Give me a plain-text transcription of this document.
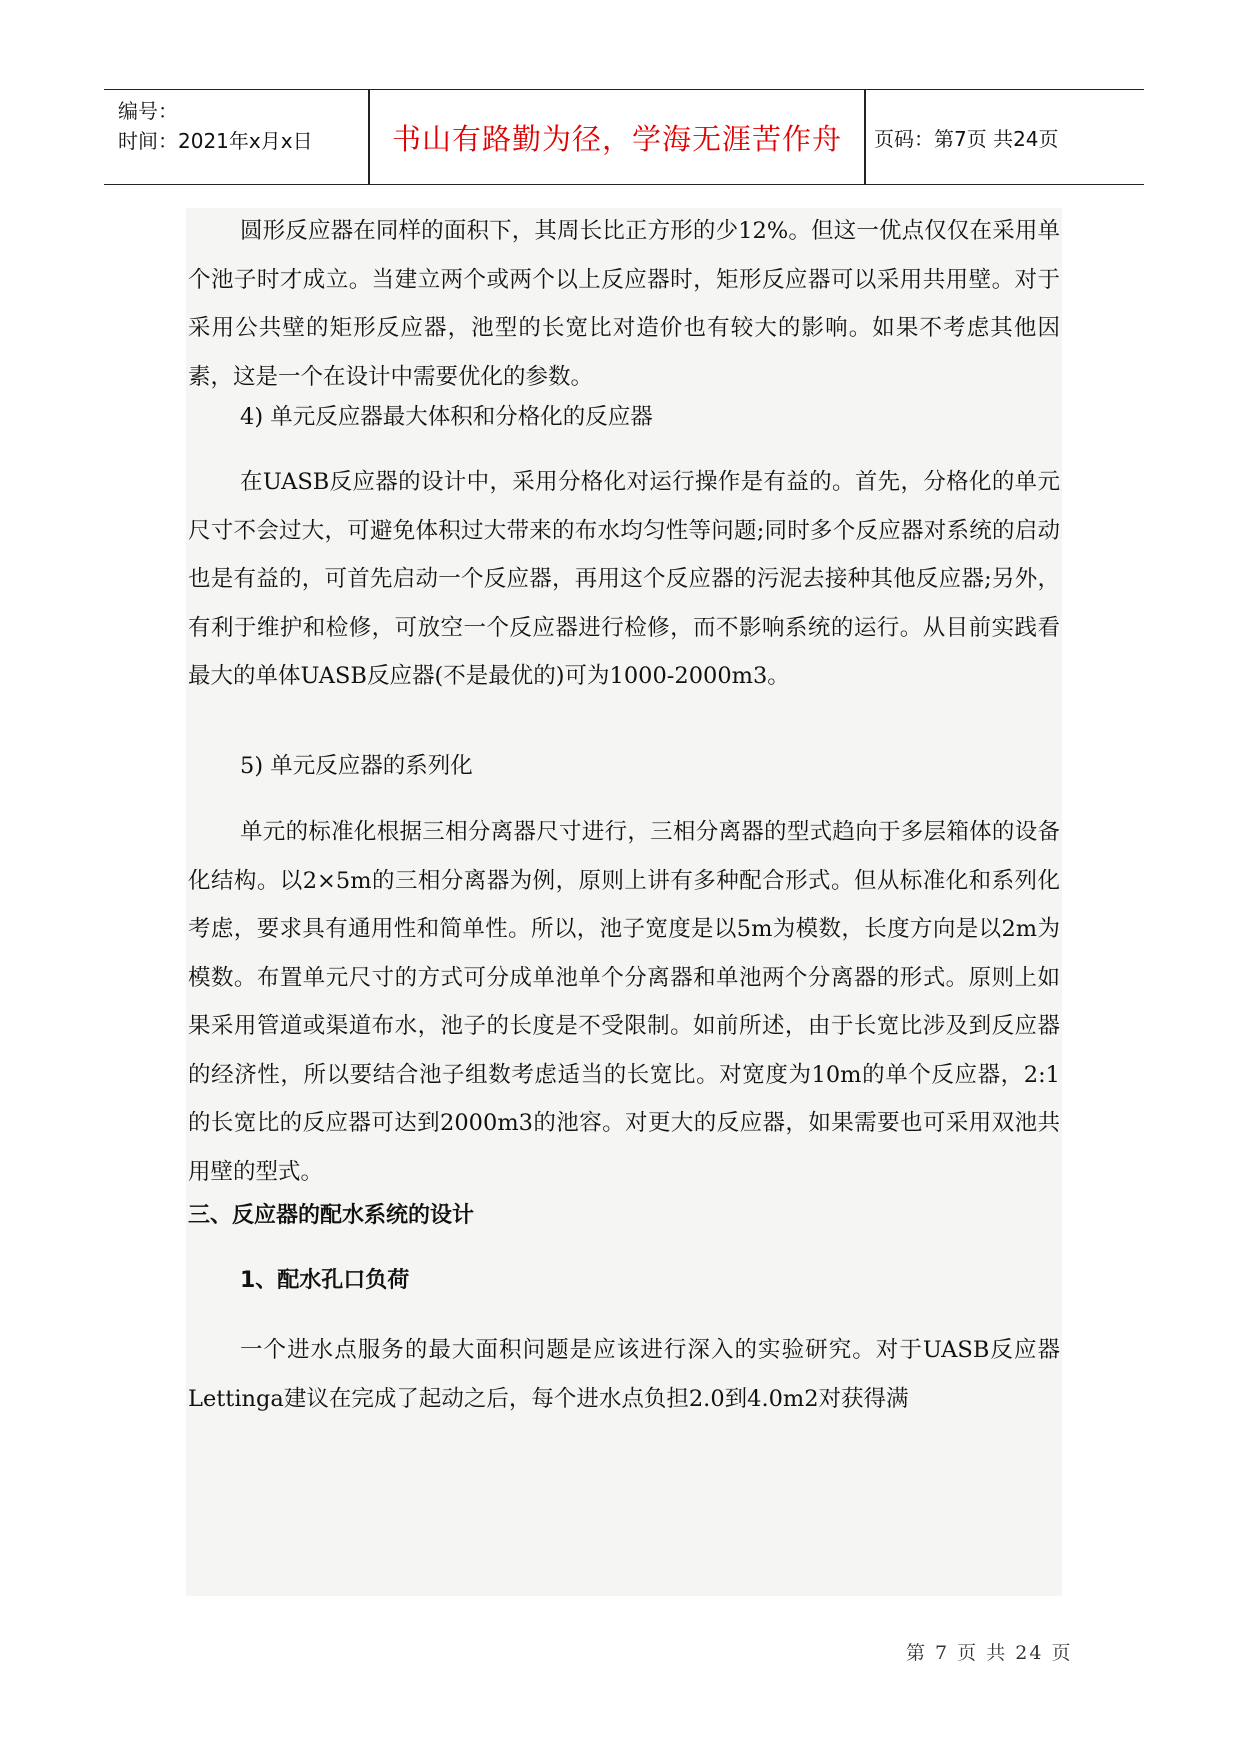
编号：
时间：2021年x月x日	书山有路勤为径，学海无涯苦作舟	页码：第7页 共24页

圆形反应器在同样的面积下，其周长比正方形的少12%。但这一优点仅仅在采用单个池子时才成立。当建立两个或两个以上反应器时，矩形反应器可以采用共用壁。对于采用公共壁的矩形反应器，池型的长宽比对造价也有较大的影响。如果不考虑其他因素，这是一个在设计中需要优化的参数。

4) 单元反应器最大体积和分格化的反应器

在UASB反应器的设计中，采用分格化对运行操作是有益的。首先，分格化的单元尺寸不会过大，可避免体积过大带来的布水均匀性等问题;同时多个反应器对系统的启动也是有益的，可首先启动一个反应器，再用这个反应器的污泥去接种其他反应器;另外，有利于维护和检修，可放空一个反应器进行检修，而不影响系统的运行。从目前实践看最大的单体UASB反应器(不是最优的)可为1000-2000m3。

5) 单元反应器的系列化

单元的标准化根据三相分离器尺寸进行，三相分离器的型式趋向于多层箱体的设备化结构。以2×5m的三相分离器为例，原则上讲有多种配合形式。但从标准化和系列化考虑，要求具有通用性和简单性。所以，池子宽度是以5m为模数，长度方向是以2m为模数。布置单元尺寸的方式可分成单池单个分离器和单池两个分离器的形式。原则上如果采用管道或渠道布水，池子的长度是不受限制。如前所述，由于长宽比涉及到反应器的经济性，所以要结合池子组数考虑适当的长宽比。对宽度为10m的单个反应器，2:1的长宽比的反应器可达到2000m3的池容。对更大的反应器，如果需要也可采用双池共用壁的型式。

三、反应器的配水系统的设计

1、配水孔口负荷

一个进水点服务的最大面积问题是应该进行深入的实验研究。对于UASB反应器Lettinga建议在完成了起动之后，每个进水点负担2.0到4.0m2对获得满

第 7 页 共 24 页
